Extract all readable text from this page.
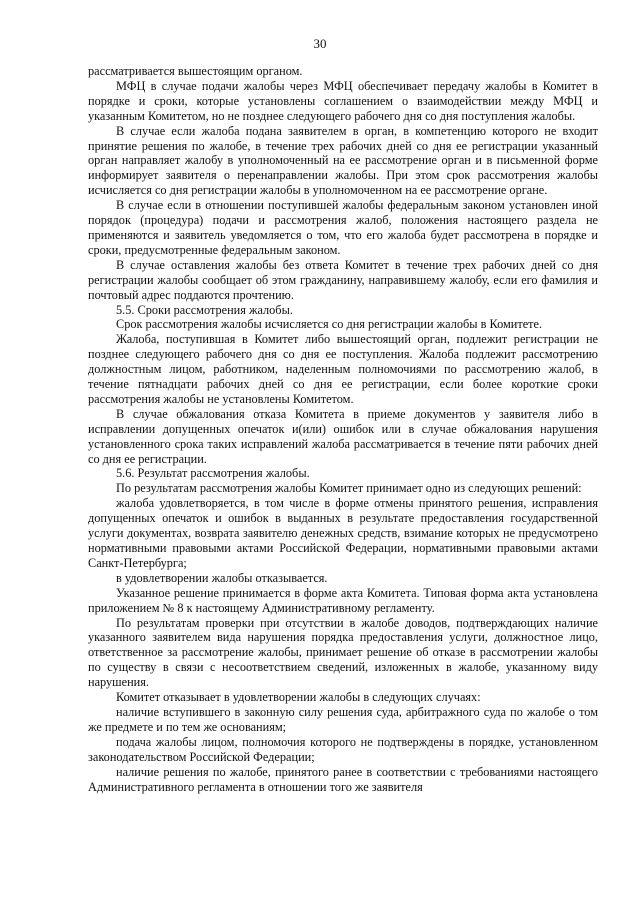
30

рассматривается вышестоящим органом.

МФЦ в случае подачи жалобы через МФЦ обеспечивает передачу жалобы в Комитет в порядке и сроки, которые установлены соглашением о взаимодействии между МФЦ и указанным Комитетом, но не позднее следующего рабочего дня со дня поступления жалобы.

В случае если жалоба подана заявителем в орган, в компетенцию которого не входит принятие решения по жалобе, в течение трех рабочих дней со дня ее регистрации указанный орган направляет жалобу в уполномоченный на ее рассмотрение орган и в письменной форме информирует заявителя о перенаправлении жалобы. При этом срок рассмотрения жалобы исчисляется со дня регистрации жалобы в уполномоченном на ее рассмотрение органе.

В случае если в отношении поступившей жалобы федеральным законом установлен иной порядок (процедура) подачи и рассмотрения жалоб, положения настоящего раздела не применяются и заявитель уведомляется о том, что его жалоба будет рассмотрена в порядке и сроки, предусмотренные федеральным законом.

В случае оставления жалобы без ответа Комитет в течение трех рабочих дней со дня регистрации жалобы сообщает об этом гражданину, направившему жалобу, если его фамилия и почтовый адрес поддаются прочтению.

5.5. Сроки рассмотрения жалобы.

Срок рассмотрения жалобы исчисляется со дня регистрации жалобы в Комитете.

Жалоба, поступившая в Комитет либо вышестоящий орган, подлежит регистрации не позднее следующего рабочего дня со дня ее поступления. Жалоба подлежит рассмотрению должностным лицом, работником, наделенным полномочиями по рассмотрению жалоб, в течение пятнадцати рабочих дней со дня ее регистрации, если более короткие сроки рассмотрения жалобы не установлены Комитетом.

В случае обжалования отказа Комитета в приеме документов у заявителя либо в исправлении допущенных опечаток и(или) ошибок или в случае обжалования нарушения установленного срока таких исправлений жалоба рассматривается в течение пяти рабочих дней со дня ее регистрации.

5.6. Результат рассмотрения жалобы.

По результатам рассмотрения жалобы Комитет принимает одно из следующих решений:

жалоба удовлетворяется, в том числе в форме отмены принятого решения, исправления допущенных опечаток и ошибок в выданных в результате предоставления государственной услуги документах, возврата заявителю денежных средств, взимание которых не предусмотрено нормативными правовыми актами Российской Федерации, нормативными правовыми актами Санкт-Петербурга;

в удовлетворении жалобы отказывается.

Указанное решение принимается в форме акта Комитета. Типовая форма акта установлена приложением № 8 к настоящему Административному регламенту.

По результатам проверки при отсутствии в жалобе доводов, подтверждающих наличие указанного заявителем вида нарушения порядка предоставления услуги, должностное лицо, ответственное за рассмотрение жалобы, принимает решение об отказе в рассмотрении жалобы по существу в связи с несоответствием сведений, изложенных в жалобе, указанному виду нарушения.

Комитет отказывает в удовлетворении жалобы в следующих случаях:

наличие вступившего в законную силу решения суда, арбитражного суда по жалобе о том же предмете и по тем же основаниям;

подача жалобы лицом, полномочия которого не подтверждены в порядке, установленном законодательством Российской Федерации;

наличие решения по жалобе, принятого ранее в соответствии с требованиями настоящего Административного регламента в отношении того же заявителя
